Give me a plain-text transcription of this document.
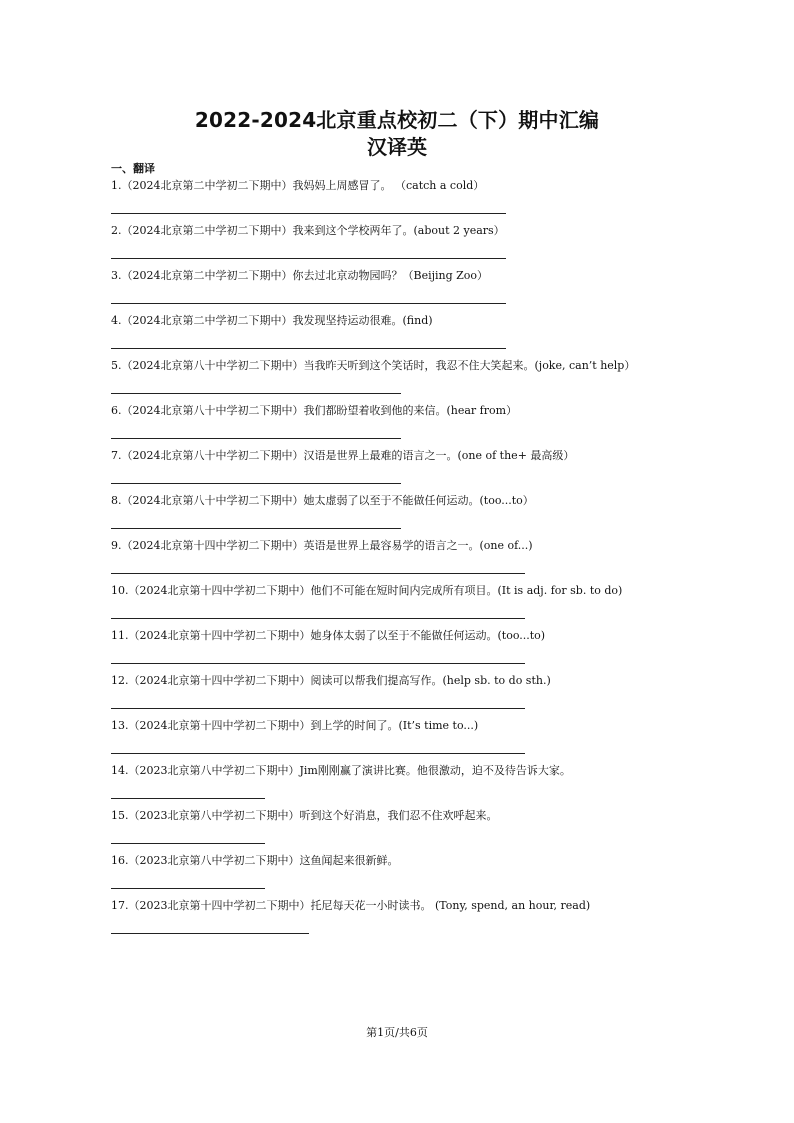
2022-2024北京重点校初二（下）期中汇编
汉译英
一、翻译
1.（2024北京第二中学初二下期中）我妈妈上周感冒了。 （catch a cold）
2.（2024北京第二中学初二下期中）我来到这个学校两年了。(about 2 years）
3.（2024北京第二中学初二下期中）你去过北京动物园吗？（Beijing Zoo）
4.（2024北京第二中学初二下期中）我发现坚持运动很难。(find)
5.（2024北京第八十中学初二下期中）当我昨天听到这个笑话时，我忍不住大笑起来。(joke, can’t help）
6.（2024北京第八十中学初二下期中）我们都盼望着收到他的来信。(hear from）
7.（2024北京第八十中学初二下期中）汉语是世界上最难的语言之一。(one of the+ 最高级）
8.（2024北京第八十中学初二下期中）她太虚弱了以至于不能做任何运动。(too...to）
9.（2024北京第十四中学初二下期中）英语是世界上最容易学的语言之一。(one of...)
10.（2024北京第十四中学初二下期中）他们不可能在短时间内完成所有项目。(It is adj. for sb. to do)
11.（2024北京第十四中学初二下期中）她身体太弱了以至于不能做任何运动。(too...to)
12.（2024北京第十四中学初二下期中）阅读可以帮我们提高写作。(help sb. to do sth.)
13.（2024北京第十四中学初二下期中）到上学的时间了。(It’s time to...)
14.（2023北京第八中学初二下期中）Jim刚刚赢了演讲比赛。他很激动，迫不及待告诉大家。
15.（2023北京第八中学初二下期中）听到这个好消息，我们忍不住欢呼起来。
16.（2023北京第八中学初二下期中）这鱼闻起来很新鲜。
17.（2023北京第十四中学初二下期中）托尼每天花一小时读书。 (Tony, spend, an hour, read)
第1页/共6页
